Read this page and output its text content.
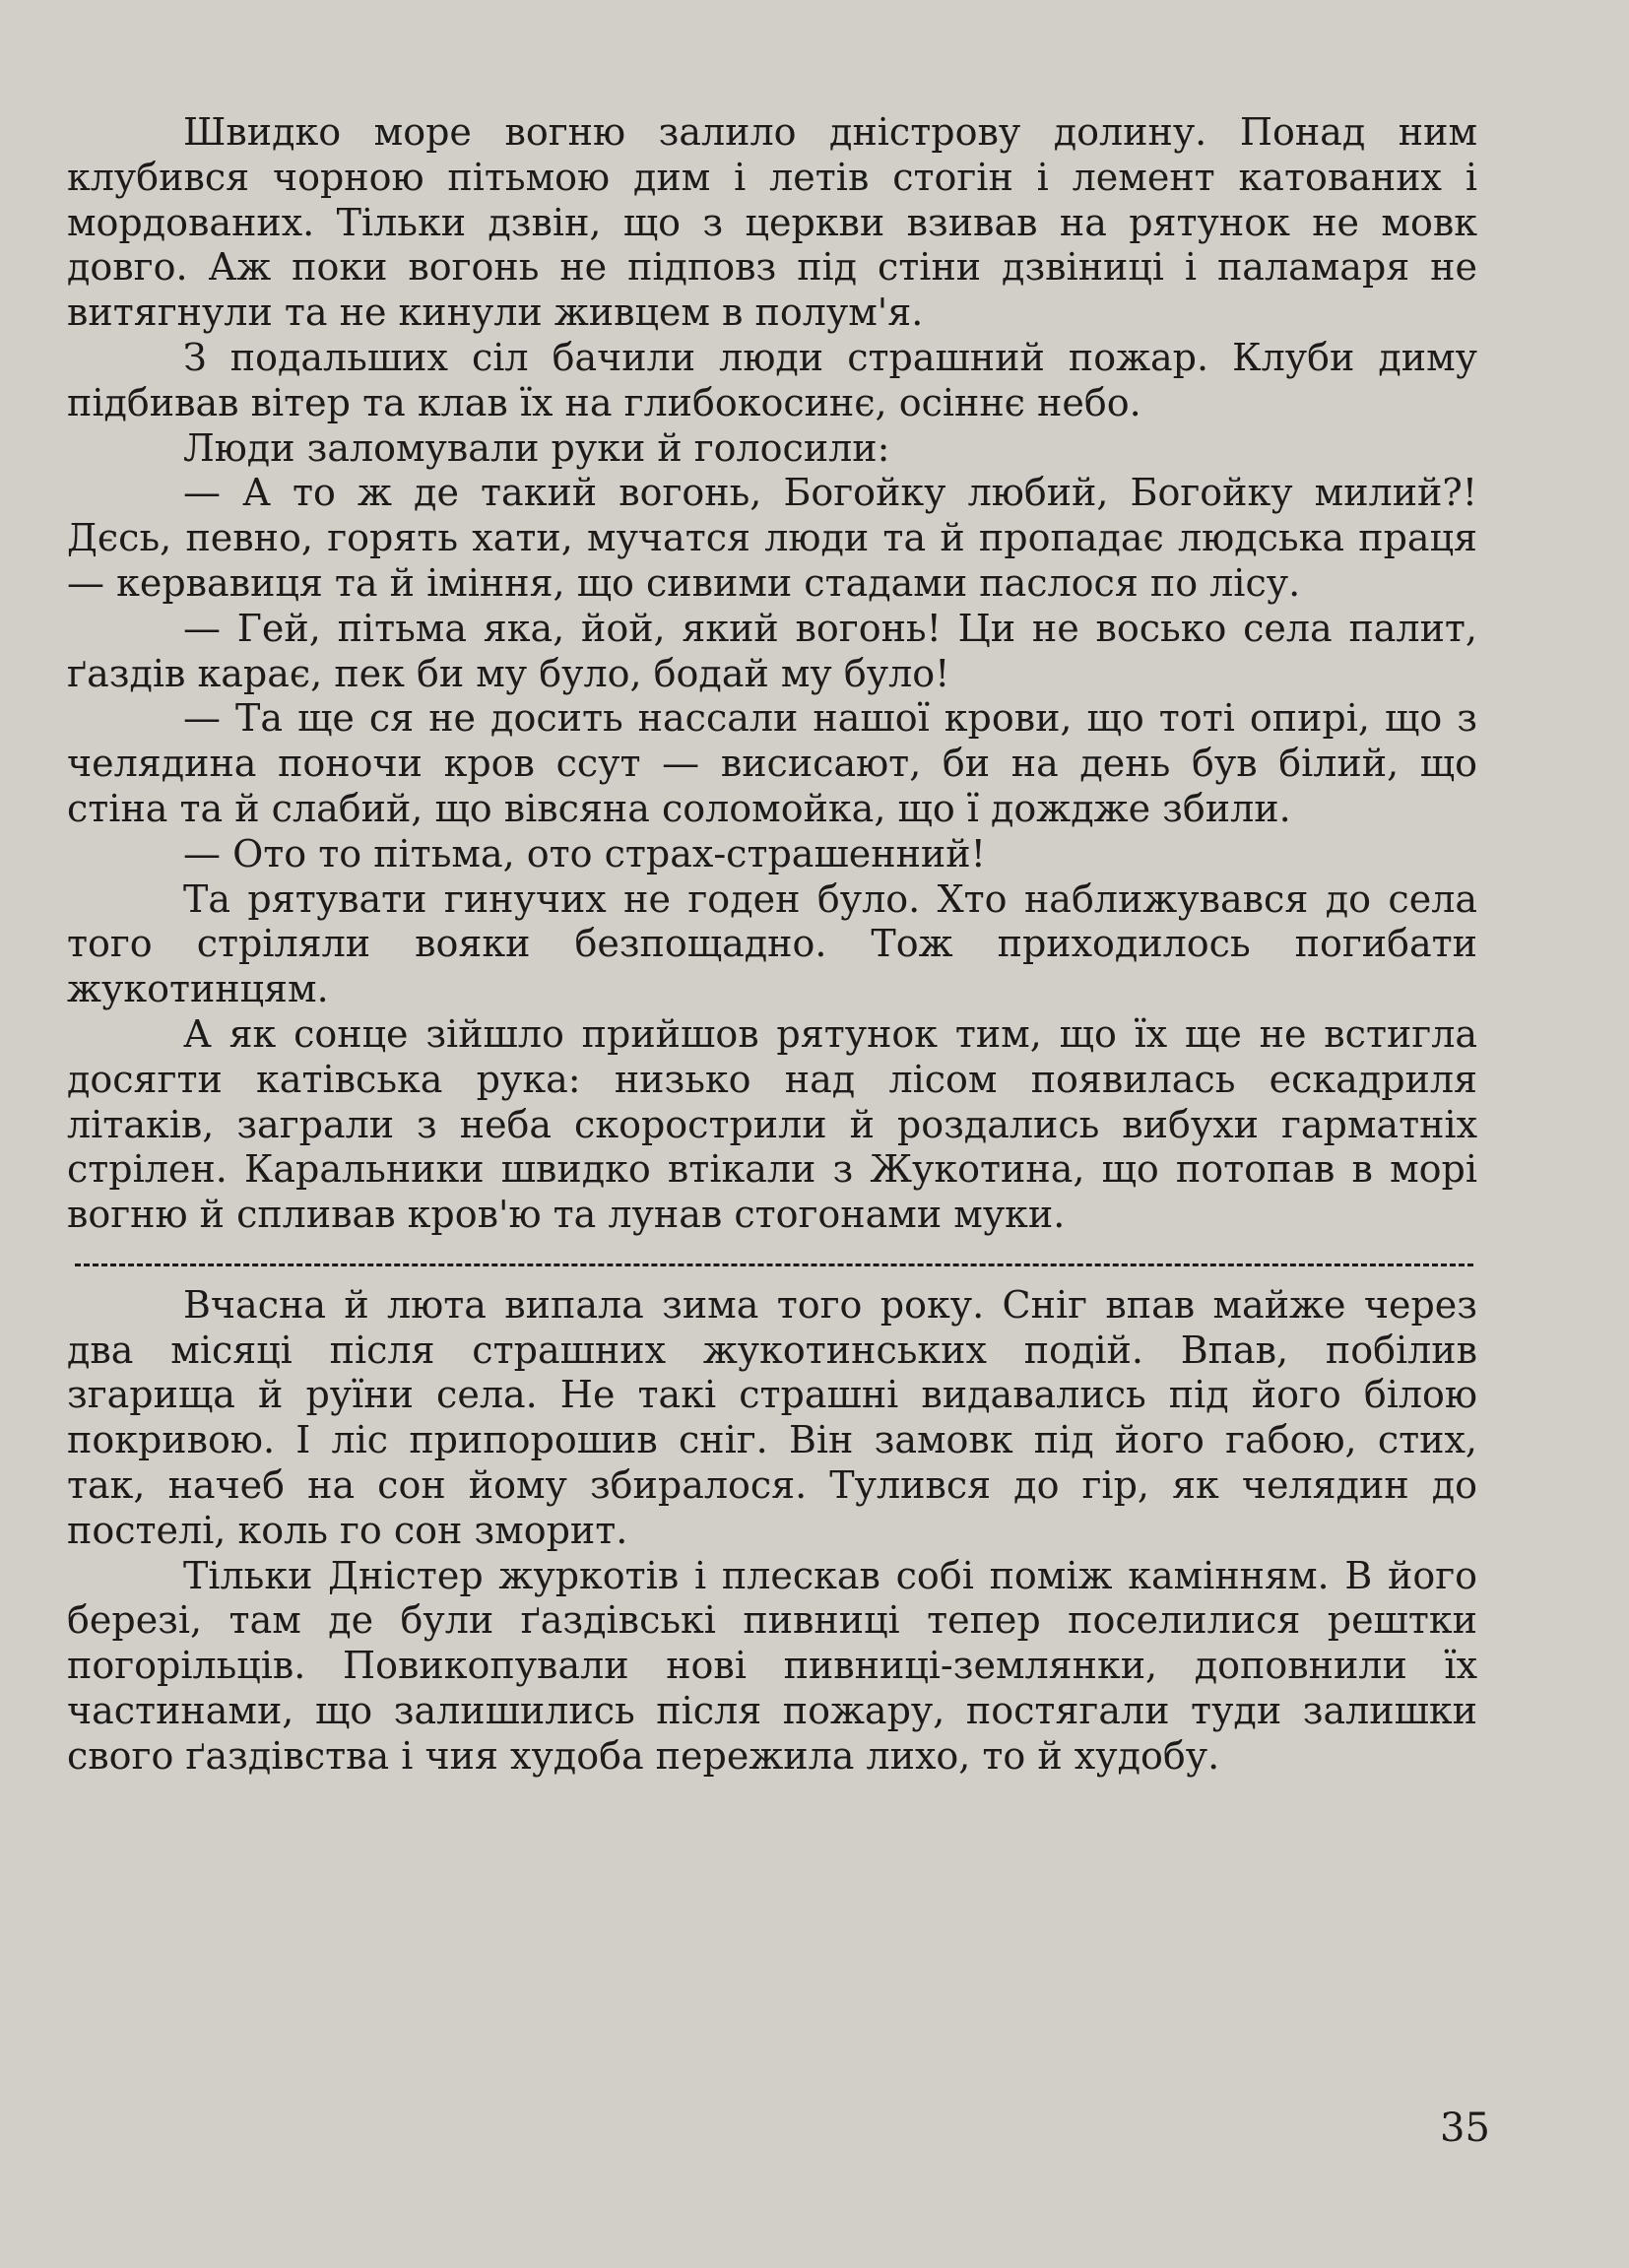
Швидко море вогню залило дністрову долину. Понад ним клубився чорною пітьмою дим і летів стогін і лемент катованих і мордованих. Тільки дзвін, що з церкви взивав на рятунок не мовк довго. Аж поки вогонь не підповз під стіни дзвіниці і паламаря не витягнули та не кинули живцем в полум'я.

З подальших сіл бачили люди страшний пожар. Клуби диму підбивав вітер та клав їх на глибокосинє, осіннє небо.

Люди заломували руки й голосили:

— А то ж де такий вогонь, Богойку любий, Богойку милий?! Дєсь, певно, горять хати, мучатся люди та й пропадає людська праця — кервавиця та й іміння, що сивими стадами паслося по лісу.

— Гей, пітьма яка, йой, який вогонь! Ци не восько села палит, ґаздів карає, пек би му було, бодай му було!

— Та ще ся не досить нассали нашої крови, що тоті опирі, що з челядина поночи кров ссут — висисают, би на день був білий, що стіна та й слабий, що вівсяна соломойка, що ї дождже збили.

— Ото то пітьма, ото страх-страшенний!

Та рятувати гинучих не годен було. Хто наближувався до села того стріляли вояки безпощадно. Тож приходилось погибати жукотинцям.

А як сонце зійшло прийшов рятунок тим, що їх ще не встигла досягти катівська рука: низько над лісом появилась ескадриля літаків, заграли з неба скорострили й роздались вибухи гарматніх стрілен. Каральники швидко втікали з Жукотина, що потопав в морі вогню й спливав кров'ю та лунав стогонами муки.

Вчасна й люта випала зима того року. Сніг впав майже через два місяці після страшних жукотинських подій. Впав, побілив згарища й руїни села. Не такі страшні видавались під його білою покривою. І ліс припорошив сніг. Він замовк під його габою, стих, так, начеб на сон йому збиралося. Тулився до гір, як челядин до постелі, коль го сон зморит.

Тільки Дністер журкотів і плескав собі поміж камінням. В його березі, там де були ґаздівські пивниці тепер поселилися рештки погорільців. Повикопували нові пивниці-землянки, доповнили їх частинами, що залишились після пожару, постягали туди залишки свого ґаздівства і чия худоба пережила лихо, то й худобу.

35
